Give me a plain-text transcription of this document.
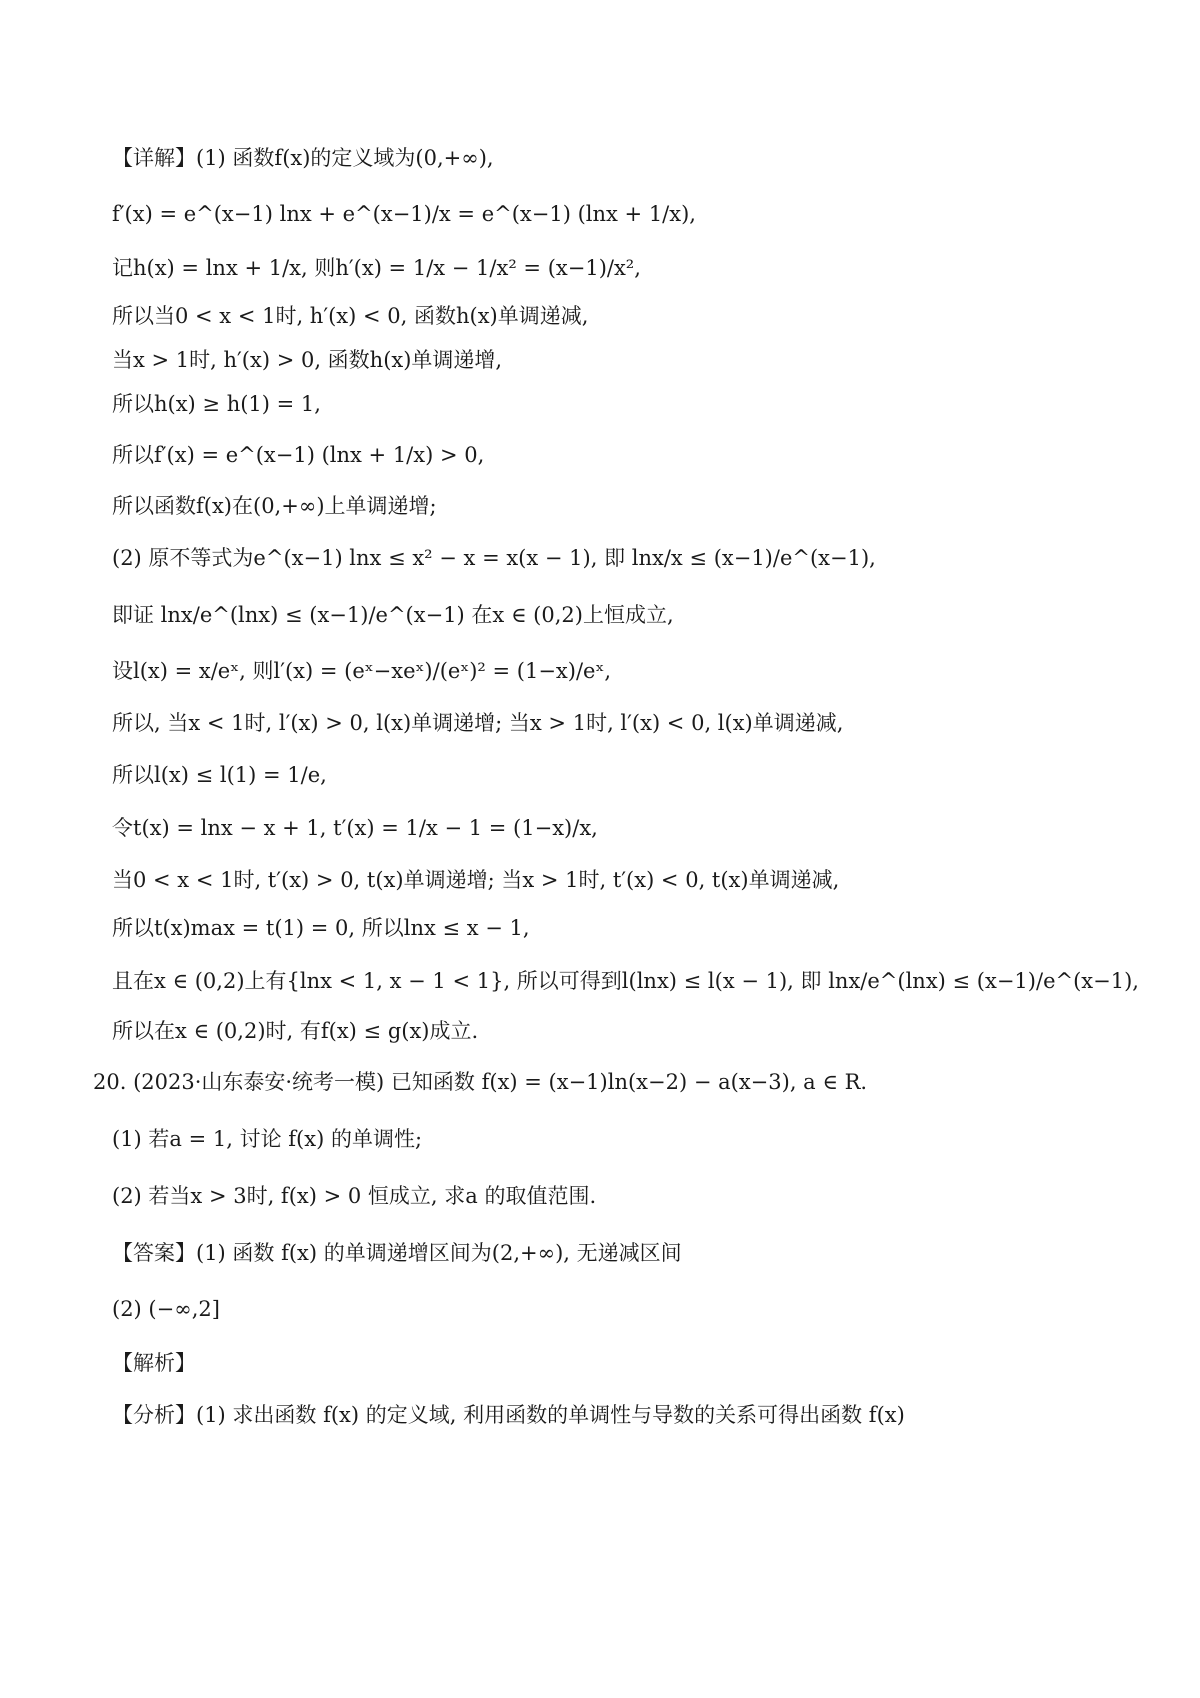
【详解】(1) 函数f(x)的定义域为(0,+∞),
f′(x) = e^(x−1) lnx + e^(x−1)/x = e^(x−1) (lnx + 1/x),
记h(x) = lnx + 1/x, 则h′(x) = 1/x − 1/x² = (x−1)/x²,
所以当0 < x < 1时, h′(x) < 0, 函数h(x)单调递减,
当x > 1时, h′(x) > 0, 函数h(x)单调递增,
所以h(x) ≥ h(1) = 1,
所以f′(x) = e^(x−1) (lnx + 1/x) > 0,
所以函数f(x)在(0,+∞)上单调递增;
(2) 原不等式为e^(x−1) lnx ≤ x² − x = x(x − 1), 即 lnx/x ≤ (x−1)/e^(x−1),
即证 lnx/e^(lnx) ≤ (x−1)/e^(x−1) 在x ∈ (0,2)上恒成立,
设l(x) = x/eˣ, 则l′(x) = (eˣ−xeˣ)/(eˣ)² = (1−x)/eˣ,
所以, 当x < 1时, l′(x) > 0, l(x)单调递增; 当x > 1时, l′(x) < 0, l(x)单调递减,
所以l(x) ≤ l(1) = 1/e,
令t(x) = lnx − x + 1, t′(x) = 1/x − 1 = (1−x)/x,
当0 < x < 1时, t′(x) > 0, t(x)单调递增; 当x > 1时, t′(x) < 0, t(x)单调递减,
所以t(x)max = t(1) = 0, 所以lnx ≤ x − 1,
且在x ∈ (0,2)上有{lnx < 1, x − 1 < 1}, 所以可得到l(lnx) ≤ l(x − 1), 即 lnx/e^(lnx) ≤ (x−1)/e^(x−1),
所以在x ∈ (0,2)时, 有f(x) ≤ g(x)成立.
20. (2023·山东泰安·统考一模) 已知函数 f(x) = (x−1)ln(x−2) − a(x−3), a ∈ R.
(1) 若a = 1, 讨论 f(x) 的单调性;
(2) 若当x > 3时, f(x) > 0 恒成立, 求a 的取值范围.
【答案】(1) 函数 f(x) 的单调递增区间为(2,+∞), 无递减区间
(2) (−∞,2]
【解析】
【分析】(1) 求出函数 f(x) 的定义域, 利用函数的单调性与导数的关系可得出函数 f(x)
